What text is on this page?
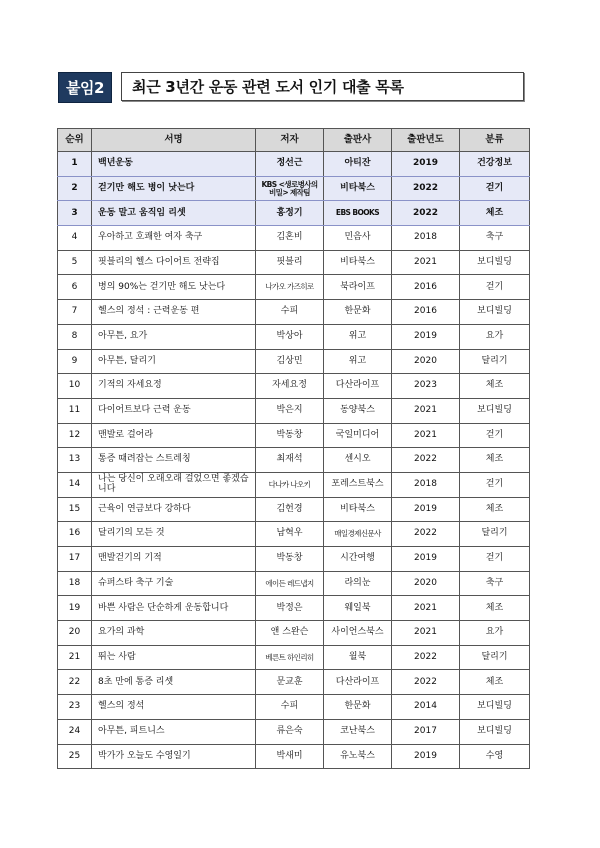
붙임2	최근 3년간 운동 관련 도서 인기 대출 목록
순위	서명	저자	출판사	출판년도	분류
1	백년운동	정선근	아티잔	2019	건강정보
2	걷기만 해도 병이 낫는다	KBS <생로병사의 비밀> 제작팀	비타북스	2022	걷기
3	운동 말고 움직임 리셋	홍정기	EBS BOOKS	2022	체조
4	우아하고 호쾌한 여자 축구	김혼비	민음사	2018	축구
5	핏블리의 헬스 다이어트 전략집	핏블리	비타북스	2021	보디빌딩
6	병의 90%는 걷기만 해도 낫는다	나가오 가즈히로	북라이프	2016	걷기
7	헬스의 정석 : 근력운동 편	수피	한문화	2016	보디빌딩
8	아무튼, 요가	박상아	위고	2019	요가
9	아무튼, 달리기	김상민	위고	2020	달리기
10	기적의 자세요정	자세요정	다산라이프	2023	체조
11	다이어트보다 근력 운동	박은지	동양북스	2021	보디빌딩
12	맨발로 걸어라	박동창	국일미디어	2021	걷기
13	통증 때려잡는 스트레칭	최재석	센시오	2022	체조
14	나는 당신이 오래오래 걸었으면 좋겠습니다	다나카 나오키	포레스트북스	2018	걷기
15	근육이 연금보다 강하다	김헌경	비타북스	2019	체조
16	달리기의 모든 것	남혁우	매일경제신문사	2022	달리기
17	맨발걷기의 기적	박동창	시간여행	2019	걷기
18	슈퍼스타 축구 기술	에이든 레드냅지	라의눈	2020	축구
19	바쁜 사람은 단순하게 운동합니다	박정은	웨일북	2021	체조
20	요가의 과학	앤 스완슨	사이언스북스	2021	요가
21	뛰는 사람	베른트 하인리히	윌북	2022	달리기
22	8초 만에 통증 리셋	문교훈	다산라이프	2022	체조
23	헬스의 정석	수피	한문화	2014	보디빌딩
24	아무튼, 피트니스	류은숙	코난북스	2017	보디빌딩
25	박가가 오늘도 수영일기	박새미	유노북스	2019	수영
